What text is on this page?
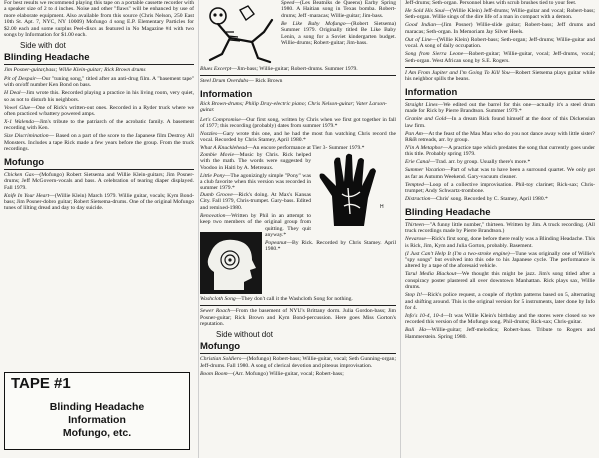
For best results we recommend playing this tape on a portable cassette recorder with a speaker size of 2 to 4 inches. Noise and other "flaws" will be enhanced by use of more elaborate equipment. Also available from this source (Chris Nelson, 250 East 10th St. Apt. 7, NYC, NY 10009) Mofungo 4 song E.P. Elementary Particles for $2.00 each and some surplus Peel-discs as featured in No Magazine #4 with two songs by Information for $1.00 each.

Side with dot
Blinding Headache
Jim Posner-guitar,bass; Willie Klein-guitar; Rick Brown drums

Pit of Despair—Our "tuning song," titled after an anti-drug film. A "basement tape" with on/off number Ken Bond on bass.

H Deal—Jim wrote this. Recorded playing a practice in his living room, very quiet, so as not to disturb his neighbors.

Vowel Glue—One of Rick's written-out ones. Recorded in a Ryder truck where we often practiced w/battery powered amps.

X-1 Walenda—Jim's tribute to the patriarch of the acrobatic family. A basement recording with Ken.

Size Discrimination— Based on a part of the score to the Japanese film Destroy All Monsters. Includes a tape Rick made a few years before the group. From the truck recordings.

Mofungo

Chicken Gas—(Mofungo) Robert Sietsema and Willie Klein-guitars; Jim Posner-drums; Jeff McGovern-vocals and bass. A celebration of tearing diaper displayed. Fall 1979.

Knife In Your Heart—(Willie Klein) March 1979. Willie guitar, vocals; Kym Bond-bass; Jim Posner-dobro guitar; Robert Sietsema-drums. One of the original Mofungo tunes of lilting dread and day to day suicide.

TAPE #1
Blinding Headache
Information
Mofungo, etc.

Speed—(Les Beatniks de Queens) Earby Spring 1980. A Haitian song in Texas bomba. Robert-drums; Jeff -maracas; Willie-guitar; Jim-bass.

Be Like Baby Mofungo—(Robert Sietsema) Summer 1979. Originally titled Be Like Baby Lenin, a song for a Soviet kindergarten budget. Willie-drums; Robert-guitar; Jim-bass.

Blues Excerpt—Jim-bass; Willie-guitar; Robert-drums. Summer 1979.

Steel Drum Overdubs— Rick Brown

Information
Rick Brown-drums; Philip Dray-electric piano; Chris Nelson-guitar; Vater Larson-guitar.

Let's Compromise—Our first song, written by Chris when we first got together in fall of 1977; this recording (probably) dates from summer 1979.*

Nozzles—Gary wrote this one, and he had the most fun watching Chris record the vocal. Recorded by Chris Stamey, April 1980.*

What A Knucklehead—An encore performance at Tier 3- Summer 1979.*

H

Zombie Movie—Music by Chris. Rick helped with the math. The words were suggested by Voodoo in Haiti by A. Metreaux.

Little Pony—The agonizingly simple "Pony" was a club favorite when this version was recorded in summer 1979.*

Dumb Groove—Rick's doing. At Max's Kansas City. Fall 1979, Chris-trumpet. Gary-bass. Edited and remixed-1980.

Renovation—Written by Phil in an attempt to keep two members of the original group from quitting. They quit anyway.*

Popeanut—By Rick. Recorded by Chris Stamey. April 1980.*

Washcloth Song—They don't call it the Washcloth Song for nothing.

Sewer Roach—From the basement of NYU's Brittany dorm. Julia Gordon-bass; Jim Posner-guitar; Rick Brown and Kym Bond-percussion. Here goes Miss Gorton's reputation.

Side without dot
Mofungo

Christian Soldiers—(Mofungo) Robert-bass; Willie-guitar, vocal; Seth Gunning-organ; Jeff-drums. Fall 1980. A song of clerical devotion and piteous improvisation.

Boom Boom—(Arr. Mofungo) Willie-guitar, vocal; Robert-bass;

Jeff-drums; Seth-organ. Personnel blues with scrub brushes tied to your feet.

He Sold His Soul—(Willie Klein) Jeff-drums; Willie-guitar and vocal; Robert-bass; Seth-organ. Willie sings of the dire life of a man in compact with a demon.

Good Indian—(Jim Posner) Willie-slide guitar; Robert-bass; Jeff drums and maracas; Seth-organ. In Memoriam Jay Silver Heels.

Out of Line—(Willie Klein) Robert-bass; Seth-organ; Jeff-drums; Willie-guitar and vocal. A song of daily occupation.

Song from Sierra Leone—Robert-guitar; Willie-guitar, vocal; Jeff-drums, vocal; Seth-organ. West African song by S.E. Rogers.

I Am From Jupiter and I'm Going To Kill You—Robert Sietsema plays guitar while his neighbor spills the beans.

Information

Straight Lines—We edited out the barrel for this one—actually it's a steel drum made for Rick by Pierre Brandtson. Summer 1979.*

Granite and Gold—In a dream Rick found himself at the door of this Dickensian law firm.

Pan Am—At the feast of the Mau Mau who do you not dance away with little sister? R&B retreads, arr. by group.

N'in A Metaphor—A practice tape which predates the song that currently goes under this title. Probably spring 1979.

Erie Canal—Trad. arr. by group. Usually there's more.*

Summer Vacation—Part of what was to have been a surround quartet. We only got as far as Autumn Weekend. Gary-vacuum cleaner.

Tempted—Loop of a collective improvisation. Phil-toy clarinet; Rick-sax; Chris-trumpet; Andy Schwartz-trombone.

Distraction—Chris' song. Recorded by C. Stamey, April 1980.*

Blinding Headache

Thirteen—"A funny little number," thirteen. Written by Jim. A truck recording. (All truck recordings made by Pierre Brandtson.)

Nevarose—Rick's first song, done before there really was a Blinding Headache. This is Rick, Jim, Kym and Julia Gorton, probably. Basement.

(I Just Can't Help It (I'm a two-stroke engine)—Tune was originally one of Willie's "spy songs" but evolved into this ode to his Japanese cycle. The performance is altered by a tape of the aforesaid vehicle.

Tarul Media Blackout—We thought this might be jazz. Jim's song titled after a conspiracy poster plastered all over downtown Manhattan. Rick plays sax, Willie drums.

Stop It!—Rick's police request, a couple of rhythm patterns based on 5, alternating and shifting around. This is the original version for 5 instruments, later done by Info for 4.

Info's 10-4, 10-4—It was Willie Klein's birthday and the stores were closed so we recorded this version of the Mofungo song. Phil-drums; Rick-sax; Chris-guitar.

Bali Ha—Willie-guitar; Jeff-melodica; Robert-bass. Tribute to Rogers and Hammerstein. Spring 1980.
